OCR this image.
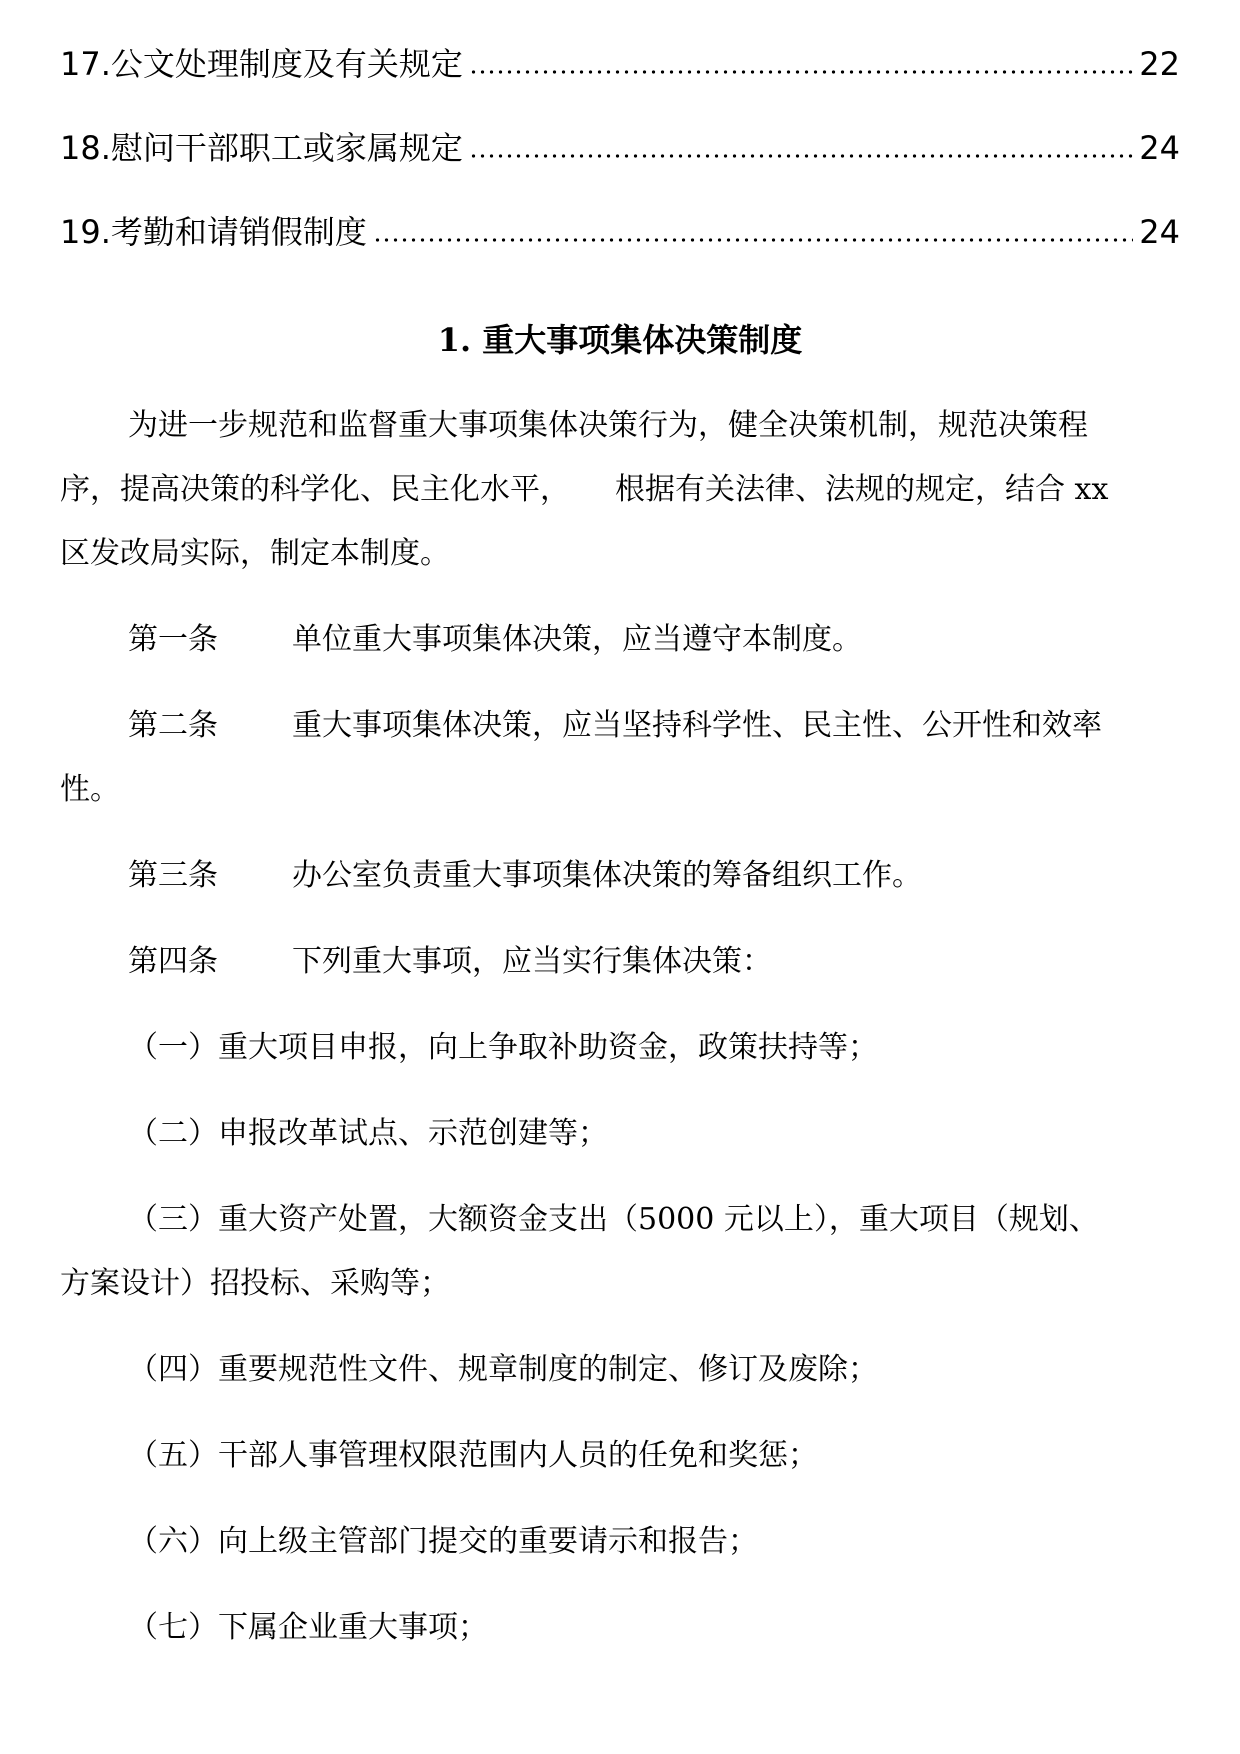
17.公文处理制度及有关规定	22
18.慰问干部职工或家属规定	24
19.考勤和请销假制度	24
1. 重大事项集体决策制度
为进一步规范和监督重大事项集体决策行为，健全决策机制，规范决策程
序，提高决策的科学化、民主化水平，　　根据有关法律、法规的规定，结合 xx
区发改局实际，制定本制度。
第一条 单位重大事项集体决策，应当遵守本制度。
第二条 重大事项集体决策，应当坚持科学性、民主性、公开性和效率
性。
第三条 办公室负责重大事项集体决策的筹备组织工作。
第四条 下列重大事项，应当实行集体决策：
（一）重大项目申报，向上争取补助资金，政策扶持等；
（二）申报改革试点、示范创建等；
（三）重大资产处置，大额资金支出（5000 元以上），重大项目（规划、
方案设计）招投标、采购等；
（四）重要规范性文件、规章制度的制定、修订及废除；
（五）干部人事管理权限范围内人员的任免和奖惩；
（六）向上级主管部门提交的重要请示和报告；
（七）下属企业重大事项；
